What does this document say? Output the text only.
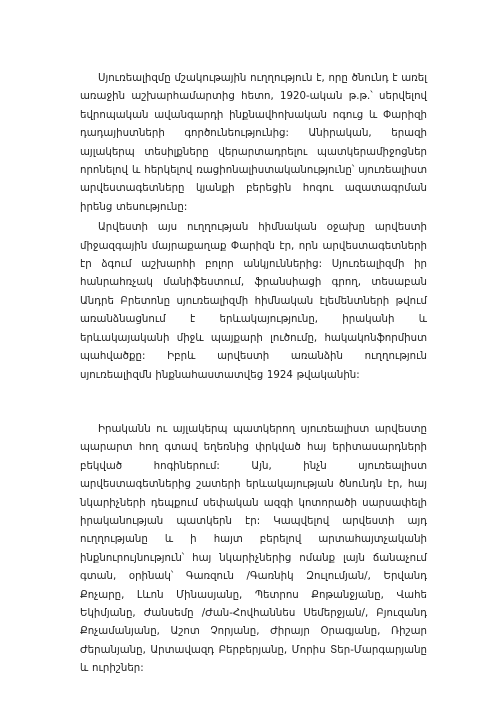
Սյուռեալիզմը մշակութային ուղղություն է, որը ծնունդ է առել առաջին աշխարհամարտից հետո, 1920-ական թ.թ.՝ սերվելով եվրոպական ավանգարդի ինքնավհոխական ոգուց և Փարիզի դադայիստների գործունեությունից: Անիրական, երազի այլակերպ տեսիլքները վերարտադրելու պատկերամիջոցներ որոնելով և հերկելով ռացիոնալիստականությունը՝ սյուռեալիստ արվեստագետները կյանքի բերեցին հոգու ազատագրման իրենց տեսությունը:

Արվեստի այս ուղղության հիմնական օջախը արվեստի միջազգային մայրաքաղաք Փարիզն էր, որն արվեստագետների էր ձգում աշխարհի բոլոր անկյուններից: Սյուռեալիզմի իր հանրահռչակ մանիֆեստում, ֆրանսիացի գրող, տեսաբան Անդրե Բրետոնը սյուռեալիզմի հիմնական էլեմենտների թվում առանձնացնում է երևակայությունը, իրականի և երևակայականի միջև պայքարի լուծումը, հակակոնֆորմիստ պահվածքը: Իբրև արվեստի առանձին ուղղություն սյուռեալիզմն ինքնահաստատվեց 1924 թվականին:

Իրականն ու այլակերպ պատկերող սյուռեալիստ արվեստը պարարտ հող գտավ եղեռնից փրկված հայ երիտասարդների բեկված հոգիներում: Այն, ինչն սյուռեալիստ արվեստագետներից շատերի երևակայության ծնունդն էր, հայ նկարիչների դեպքում սեփական ազգի կոտորածի սարսափելի իրականության պատկերն էր: Կապվելով արվեստի այդ ուղղությանը և ի հայտ բերելով արտահայտչականի ինքնուրույնություն՝ հայ նկարիչներից ոմանք լայն ճանաչում գտան, օրինակ՝ Գառզուն /Գառնիկ Զուլումյան/, Երվանդ Քոչարը, Լևոն Մինասյանը, Պետրոս Քոթանջյանը, Վահե Եկիմյանը, Ժանսեմը /Ժան-Հովհաննես Սեմերջյան/, Բյուզանդ Քոչամանյանը, Աշոտ Չորյանը, Ժիրայր Օրագյանը, Ռիշար Ժերանյանը, Արտավազդ Բերբերյանը, Մորիս Տեր-Մարգարյանը և ուրիշներ:
